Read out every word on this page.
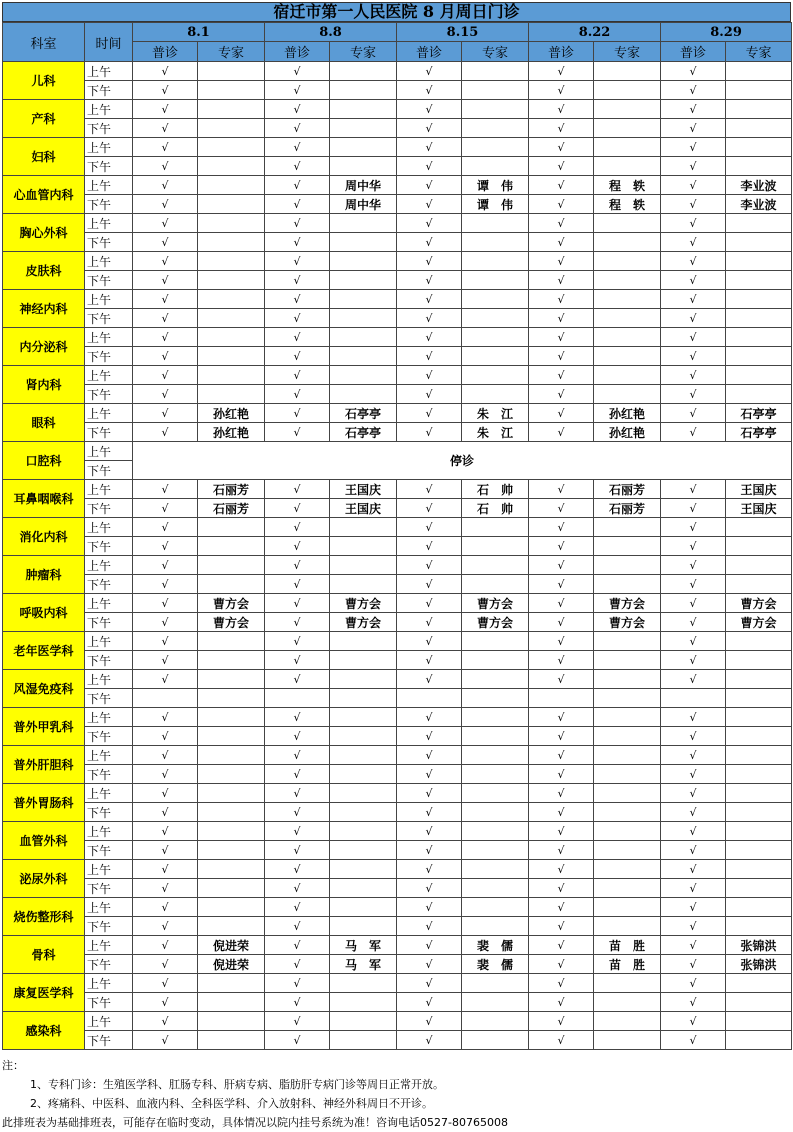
宿迁市第一人民医院 8 月周日门诊
科室	时间	8.1		8.8		8.15		8.22		8.29	
		普诊	专家	普诊	专家	普诊	专家	普诊	专家	普诊	专家
儿科	上午	√		√		√		√		√	
	下午	√		√		√		√		√	
产科	上午	√		√		√		√		√	
	下午	√		√		√		√		√	
妇科	上午	√		√		√		√		√	
	下午	√		√		√		√		√	
心血管内科	上午	√		√	周中华	√	谭　伟	√	程　轶	√	李业波
	下午	√		√	周中华	√	谭　伟	√	程　轶	√	李业波
胸心外科	上午	√		√		√		√		√	
	下午	√		√		√		√		√	
皮肤科	上午	√		√		√		√		√	
	下午	√		√		√		√		√	
神经内科	上午	√		√		√		√		√	
	下午	√		√		√		√		√	
内分泌科	上午	√		√		√		√		√	
	下午	√		√		√		√		√	
肾内科	上午	√		√		√		√		√	
	下午	√		√		√		√		√	
眼科	上午	√	孙红艳	√	石亭亭	√	朱　江	√	孙红艳	√	石亭亭
	下午	√	孙红艳	√	石亭亭	√	朱　江	√	孙红艳	√	石亭亭
口腔科	上午	停诊									
	下午										
耳鼻咽喉科	上午	√	石丽芳	√	王国庆	√	石　帅	√	石丽芳	√	王国庆
	下午	√	石丽芳	√	王国庆	√	石　帅	√	石丽芳	√	王国庆
消化内科	上午	√		√		√		√		√	
	下午	√		√		√		√		√	
肿瘤科	上午	√		√		√		√		√	
	下午	√		√		√		√		√	
呼吸内科	上午	√	曹方会	√	曹方会	√	曹方会	√	曹方会	√	曹方会
	下午	√	曹方会	√	曹方会	√	曹方会	√	曹方会	√	曹方会
老年医学科	上午	√		√		√		√		√	
	下午	√		√		√		√		√	
风湿免疫科	上午	√		√		√		√		√	
	下午										
普外甲乳科	上午	√		√		√		√		√	
	下午	√		√		√		√		√	
普外肝胆科	上午	√		√		√		√		√	
	下午	√		√		√		√		√	
普外胃肠科	上午	√		√		√		√		√	
	下午	√		√		√		√		√	
血管外科	上午	√		√		√		√		√	
	下午	√		√		√		√		√	
泌尿外科	上午	√		√		√		√		√	
	下午	√		√		√		√		√	
烧伤整形科	上午	√		√		√		√		√	
	下午	√		√		√		√		√	
骨科	上午	√	倪进荣	√	马　军	√	裴　儒	√	苗　胜	√	张锦洪
	下午	√	倪进荣	√	马　军	√	裴　儒	√	苗　胜	√	张锦洪
康复医学科	上午	√		√		√		√		√	
	下午	√		√		√		√		√	
感染科	上午	√		√		√		√		√	
	下午	√		√		√		√		√	
注：
1、专科门诊：生殖医学科、肛肠专科、肝病专病、脂肪肝专病门诊等周日正常开放。
2、疼痛科、中医科、血液内科、全科医学科、介入放射科、神经外科周日不开诊。
此排班表为基础排班表，可能存在临时变动，具体情况以院内挂号系统为准！咨询电话0527-80765008
